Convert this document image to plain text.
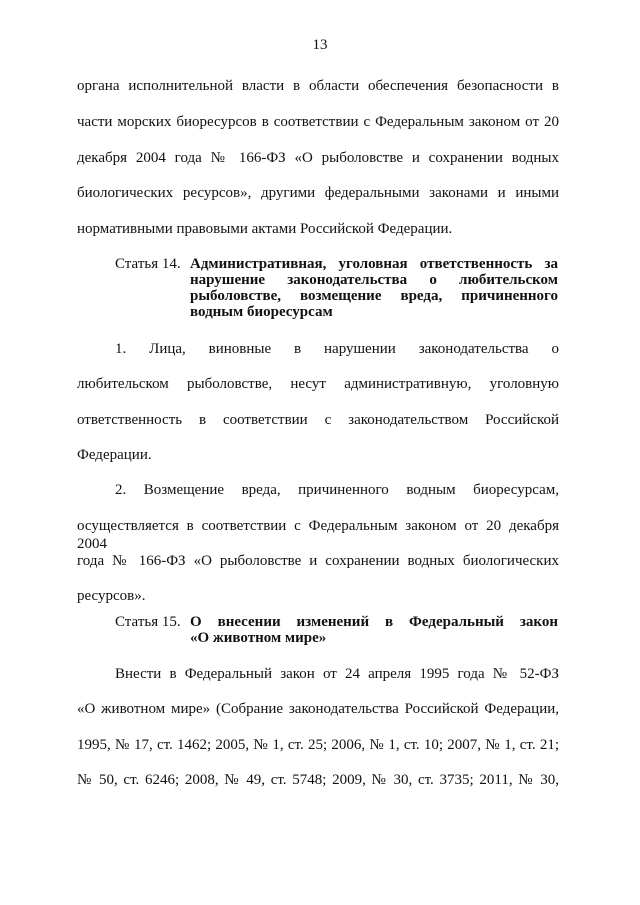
13
органа исполнительной власти в области обеспечения безопасности в
части морских биоресурсов в соответствии с Федеральным законом от 20
декабря 2004 года № 166-ФЗ «О рыболовстве и сохранении водных
биологических ресурсов», другими федеральными законами и иными
нормативными правовыми актами Российской Федерации.
Статья 14. Административная, уголовная ответственность за
нарушение законодательства о любительском
рыболовстве, возмещение вреда, причиненного
водным биоресурсам
1. Лица, виновные в нарушении законодательства о
любительском рыболовстве, несут административную, уголовную
ответственность в соответствии с законодательством Российской
Федерации.
2. Возмещение вреда, причиненного водным биоресурсам,
осуществляется в соответствии с Федеральным законом от 20 декабря 2004
года № 166-ФЗ «О рыболовстве и сохранении водных биологических
ресурсов».
Статья 15. О внесении изменений в Федеральный закон
«О животном мире»
Внести в Федеральный закон от 24 апреля 1995 года № 52-ФЗ
«О животном мире» (Собрание законодательства Российской Федерации,
1995, № 17, ст. 1462; 2005, № 1, ст. 25; 2006, № 1, ст. 10; 2007, № 1, ст. 21;
№ 50, ст. 6246; 2008, № 49, ст. 5748; 2009, № 30, ст. 3735; 2011, № 30,
